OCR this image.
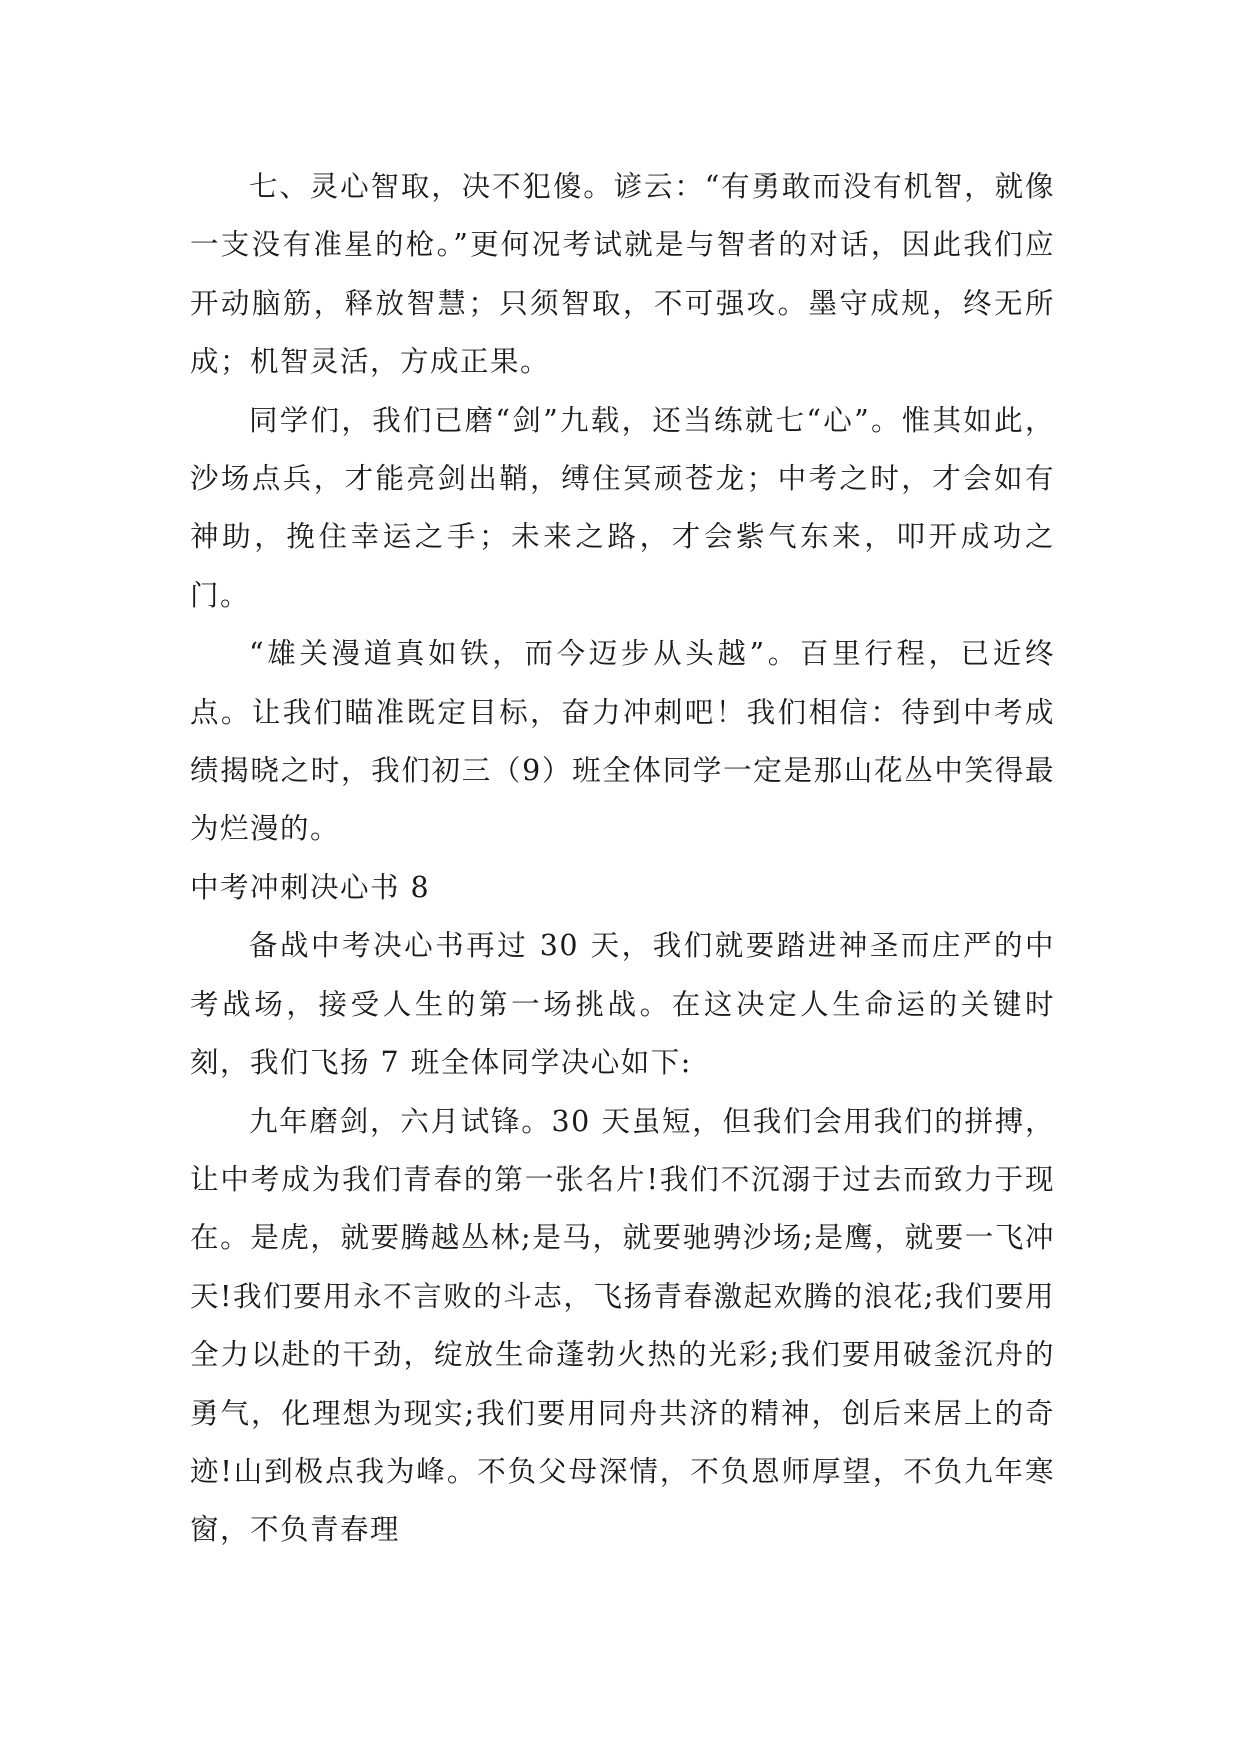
七、灵心智取，决不犯傻。谚云：“有勇敢而没有机智，就像一支没有准星的枪。”更何况考试就是与智者的对话，因此我们应开动脑筋，释放智慧；只须智取，不可强攻。墨守成规，终无所成；机智灵活，方成正果。

同学们，我们已磨“剑”九载，还当练就七“心”。惟其如此，沙场点兵，才能亮剑出鞘，缚住冥顽苍龙；中考之时，才会如有神助，挽住幸运之手；未来之路，才会紫气东来，叩开成功之门。

“雄关漫道真如铁，而今迈步从头越”。百里行程，已近终点。让我们瞄准既定目标，奋力冲刺吧！我们相信：待到中考成绩揭晓之时，我们初三（9）班全体同学一定是那山花丛中笑得最为烂漫的。

中考冲刺决心书 8

备战中考决心书再过 30 天，我们就要踏进神圣而庄严的中考战场，接受人生的第一场挑战。在这决定人生命运的关键时刻，我们飞扬 7 班全体同学决心如下:

九年磨剑，六月试锋。30 天虽短，但我们会用我们的拼搏，让中考成为我们青春的第一张名片!我们不沉溺于过去而致力于现在。是虎，就要腾越丛林;是马，就要驰骋沙场;是鹰，就要一飞冲天!我们要用永不言败的斗志，飞扬青春激起欢腾的浪花;我们要用全力以赴的干劲，绽放生命蓬勃火热的光彩;我们要用破釜沉舟的勇气，化理想为现实;我们要用同舟共济的精神，创后来居上的奇迹!山到极点我为峰。不负父母深情，不负恩师厚望，不负九年寒窗，不负青春理
